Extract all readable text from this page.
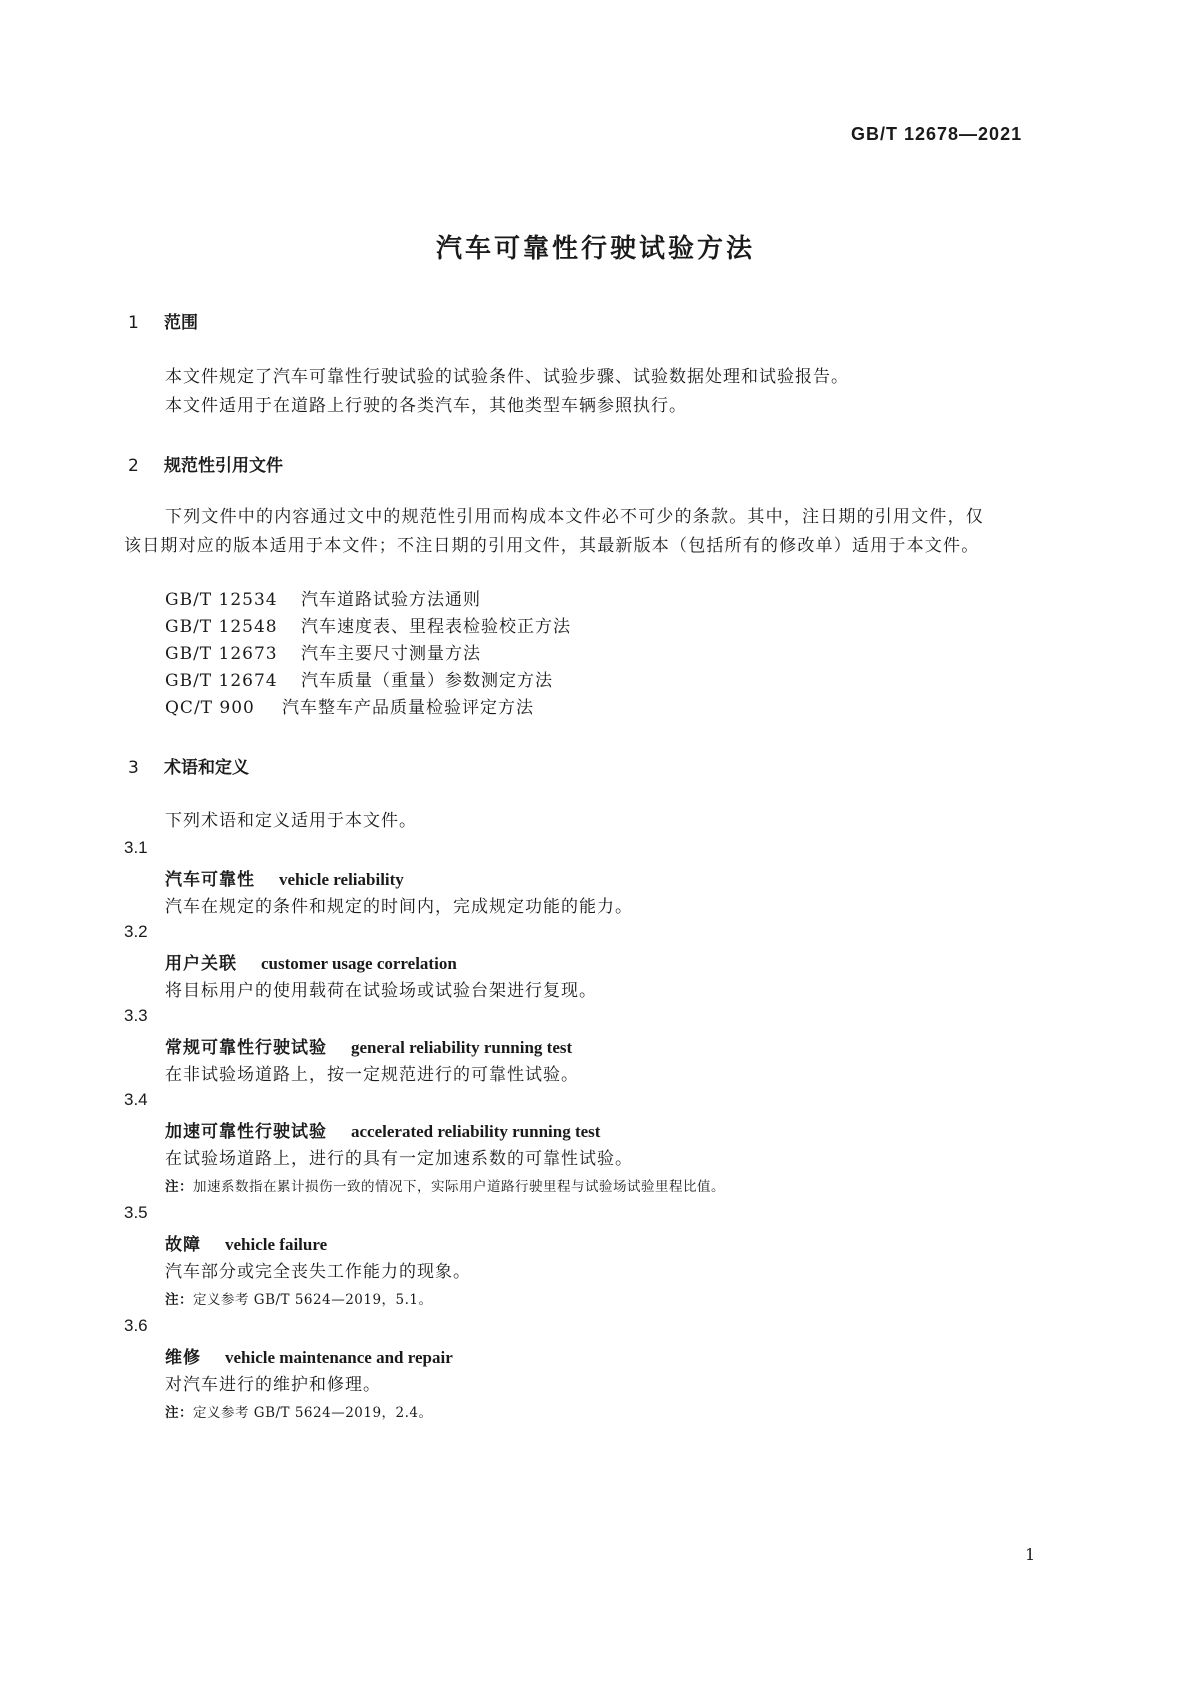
GB/T 12678—2021
汽车可靠性行驶试验方法
1 范围
本文件规定了汽车可靠性行驶试验的试验条件、试验步骤、试验数据处理和试验报告。
本文件适用于在道路上行驶的各类汽车，其他类型车辆参照执行。
2 规范性引用文件
下列文件中的内容通过文中的规范性引用而构成本文件必不可少的条款。其中，注日期的引用文件，仅该日期对应的版本适用于本文件；不注日期的引用文件，其最新版本（包括所有的修改单）适用于本文件。
GB/T 12534 汽车道路试验方法通则
GB/T 12548 汽车速度表、里程表检验校正方法
GB/T 12673 汽车主要尺寸测量方法
GB/T 12674 汽车质量（重量）参数测定方法
QC/T 900 汽车整车产品质量检验评定方法
3 术语和定义
下列术语和定义适用于本文件。
3.1
汽车可靠性 vehicle reliability
汽车在规定的条件和规定的时间内，完成规定功能的能力。
3.2
用户关联 customer usage correlation
将目标用户的使用载荷在试验场或试验台架进行复现。
3.3
常规可靠性行驶试验 general reliability running test
在非试验场道路上，按一定规范进行的可靠性试验。
3.4
加速可靠性行驶试验 accelerated reliability running test
在试验场道路上，进行的具有一定加速系数的可靠性试验。
注：加速系数指在累计损伤一致的情况下，实际用户道路行驶里程与试验场试验里程比值。
3.5
故障 vehicle failure
汽车部分或完全丧失工作能力的现象。
注：定义参考 GB/T 5624—2019，5.1。
3.6
维修 vehicle maintenance and repair
对汽车进行的维护和修理。
注：定义参考 GB/T 5624—2019，2.4。
1
